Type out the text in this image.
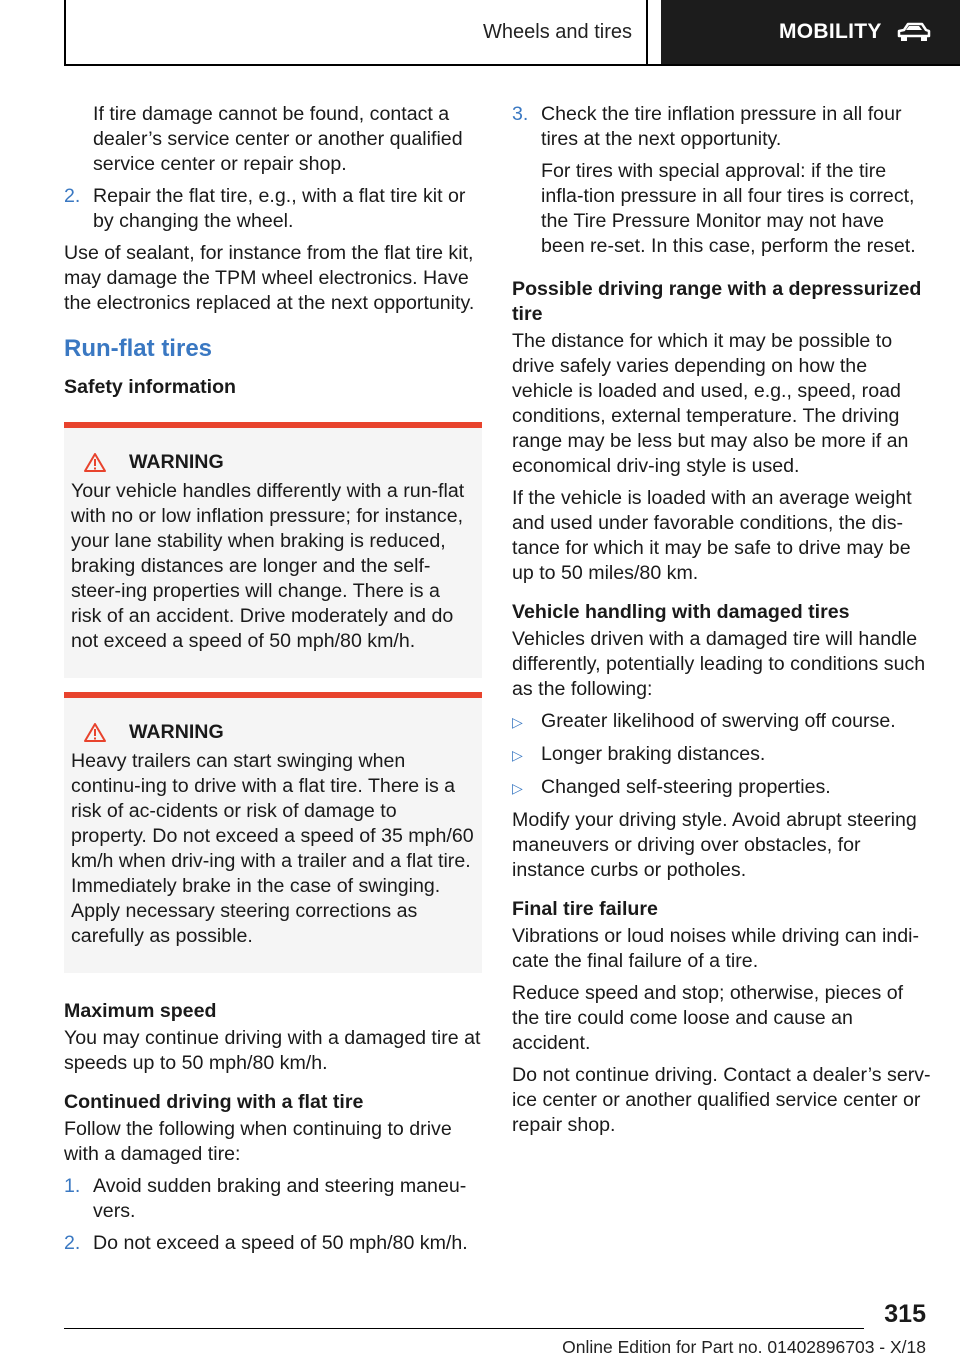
Wheels and tires	MOBILITY

If tire damage cannot be found, contact a dealer’s service center or another qualified service center or repair shop.

2. Repair the flat tire, e.g., with a flat tire kit or by changing the wheel.

Use of sealant, for instance from the flat tire kit, may damage the TPM wheel electronics. Have the electronics replaced at the next opportunity.

Run-flat tires
Safety information
WARNING

Your vehicle handles differently with a run-flat with no or low inflation pressure; for instance, your lane stability when braking is reduced, braking distances are longer and the self-steer-ing properties will change. There is a risk of an accident. Drive moderately and do not exceed a speed of 50 mph/80 km/h.

WARNING

Heavy trailers can start swinging when continu-ing to drive with a flat tire. There is a risk of ac-cidents or risk of damage to property. Do not exceed a speed of 35 mph/60 km/h when driv-ing with a trailer and a flat tire. Immediately brake in the case of swinging. Apply necessary steering corrections as carefully as possible.

Maximum speed

You may continue driving with a damaged tire at speeds up to 50 mph/80 km/h.

Continued driving with a flat tire

Follow the following when continuing to drive with a damaged tire:

1. Avoid sudden braking and steering maneu-vers.
2. Do not exceed a speed of 50 mph/80 km/h.
3. Check the tire inflation pressure in all four tires at the next opportunity.

For tires with special approval: if the tire infla-tion pressure in all four tires is correct, the Tire Pressure Monitor may not have been re-set. In this case, perform the reset.

Possible driving range with a depressurized tire

The distance for which it may be possible to drive safely varies depending on how the vehicle is loaded and used, e.g., speed, road conditions, external temperature. The driving range may be less but may also be more if an economical driv-ing style is used.

If the vehicle is loaded with an average weight and used under favorable conditions, the dis-tance for which it may be safe to drive may be up to 50 miles/80 km.

Vehicle handling with damaged tires

Vehicles driven with a damaged tire will handle differently, potentially leading to conditions such as the following:

▷ Greater likelihood of swerving off course.
▷ Longer braking distances.
▷ Changed self-steering properties.

Modify your driving style. Avoid abrupt steering maneuvers or driving over obstacles, for instance curbs or potholes.

Final tire failure

Vibrations or loud noises while driving can indi-cate the final failure of a tire.

Reduce speed and stop; otherwise, pieces of the tire could come loose and cause an accident.

Do not continue driving. Contact a dealer’s serv-ice center or another qualified service center or repair shop.

315
Online Edition for Part no. 01402896703 - X/18
